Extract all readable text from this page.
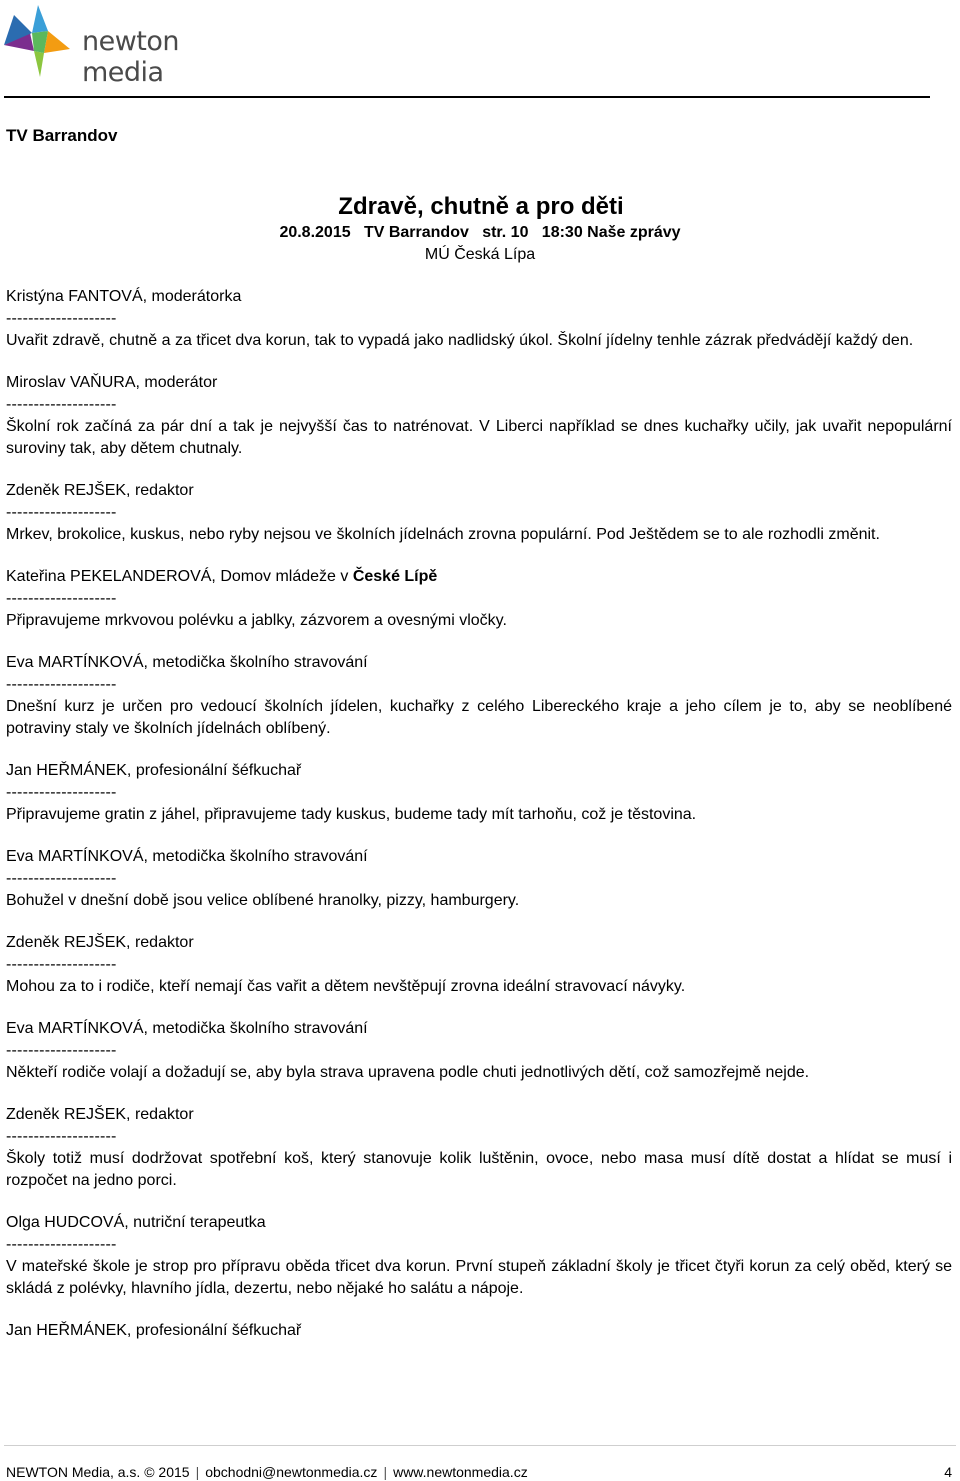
newton media
TV Barrandov
Zdravě, chutně a pro děti
20.8.2015   TV Barrandov   str. 10   18:30 Naše zprávy
MÚ Česká Lípa
Kristýna FANTOVÁ, moderátorka
--------------------
Uvařit zdravě, chutně a za třicet dva korun, tak to vypadá jako nadlidský úkol. Školní jídelny tenhle zázrak předvádějí každý den.
Miroslav VAŇURA, moderátor
--------------------
Školní rok začíná za pár dní a tak je nejvyšší čas to natrénovat. V Liberci například se dnes kuchařky učily, jak uvařit nepopulární suroviny tak, aby dětem chutnaly.
Zdeněk REJŠEK, redaktor
--------------------
Mrkev, brokolice, kuskus, nebo ryby nejsou ve školních jídelnách zrovna populární. Pod Ještědem se to ale rozhodli změnit.
Kateřina PEKELANDEROVÁ, Domov mládeže v České Lípě
--------------------
Připravujeme mrkvovou polévku a jablky, zázvorem a ovesnými vločky.
Eva MARTÍNKOVÁ, metodička školního stravování
--------------------
Dnešní kurz je určen pro vedoucí školních jídelen, kuchařky z celého Libereckého kraje a jeho cílem je to, aby se neoblíbené potraviny staly ve školních jídelnách oblíbený.
Jan HEŘMÁNEK, profesionální šéfkuchař
--------------------
Připravujeme gratin z jáhel, připravujeme tady kuskus, budeme tady mít tarhoňu, což je těstovina.
Eva MARTÍNKOVÁ, metodička školního stravování
--------------------
Bohužel v dnešní době jsou velice oblíbené hranolky, pizzy, hamburgery.
Zdeněk REJŠEK, redaktor
--------------------
Mohou za to i rodiče, kteří nemají čas vařit a dětem nevštěpují zrovna ideální stravovací návyky.
Eva MARTÍNKOVÁ, metodička školního stravování
--------------------
Někteří rodiče volají a dožadují se, aby byla strava upravena podle chuti jednotlivých dětí, což samozřejmě nejde.
Zdeněk REJŠEK, redaktor
--------------------
Školy totiž musí dodržovat spotřební koš, který stanovuje kolik luštěnin, ovoce, nebo masa musí dítě dostat a hlídat se musí i rozpočet na jedno porci.
Olga HUDCOVÁ, nutriční terapeutka
--------------------
V mateřské škole je strop pro přípravu oběda třicet dva korun. První stupeň základní školy je třicet čtyři korun za celý oběd, který se skládá z polévky, hlavního jídla, dezertu, nebo nějaké ho salátu a nápoje.
Jan HEŘMÁNEK, profesionální šéfkuchař
NEWTON Media, a.s. © 2015 | obchodni@newtonmedia.cz | www.newtonmedia.cz	4
